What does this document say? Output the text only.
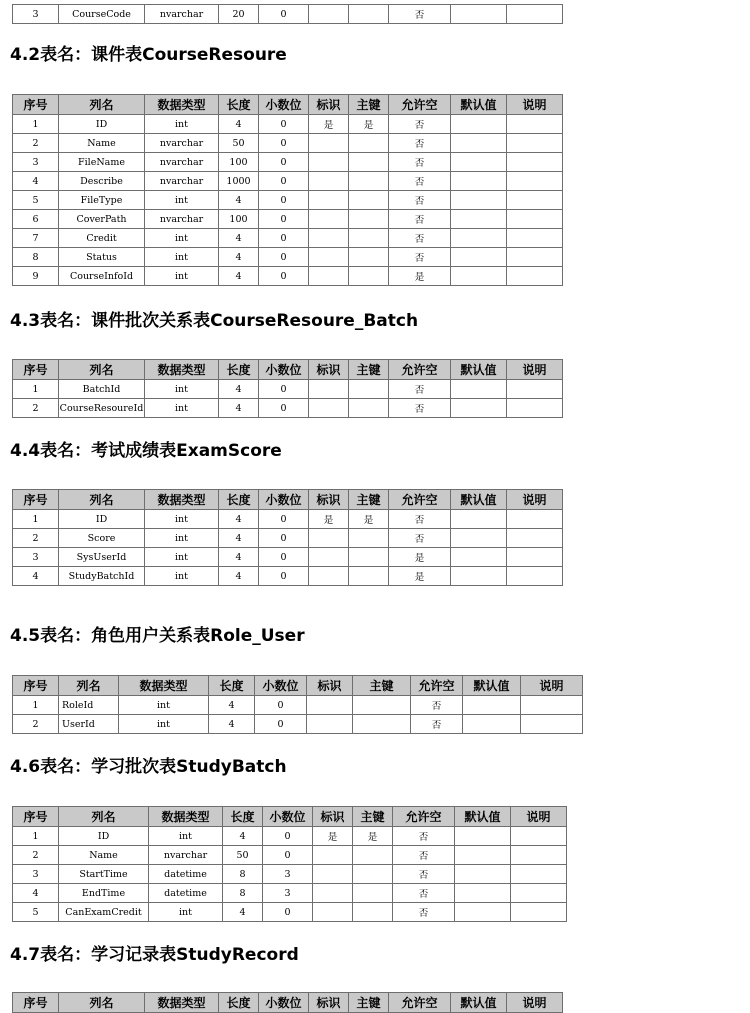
3	CourseCode	nvarchar	20	0			否		
4.2表名：课件表CourseResoure
序号	列名	数据类型	长度	小数位	标识	主键	允许空	默认值	说明
1	ID	int	4	0	是	是	否		
2	Name	nvarchar	50	0			否		
3	FileName	nvarchar	100	0			否		
4	Describe	nvarchar	1000	0			否		
5	FileType	int	4	0			否		
6	CoverPath	nvarchar	100	0			否		
7	Credit	int	4	0			否		
8	Status	int	4	0			否		
9	CourseInfoId	int	4	0			是		
4.3表名：课件批次关系表CourseResoure_Batch
序号	列名	数据类型	长度	小数位	标识	主键	允许空	默认值	说明
1	BatchId	int	4	0			否		
2	CourseResoureId	int	4	0			否		
4.4表名：考试成绩表ExamScore
序号	列名	数据类型	长度	小数位	标识	主键	允许空	默认值	说明
1	ID	int	4	0	是	是	否		
2	Score	int	4	0			否		
3	SysUserId	int	4	0			是		
4	StudyBatchId	int	4	0			是		
4.5表名：角色用户关系表Role_User
序号	列名	数据类型	长度	小数位	标识	主键	允许空	默认值	说明
1	RoleId	int	4	0			否		
2	UserId	int	4	0			否		
4.6表名：学习批次表StudyBatch
序号	列名	数据类型	长度	小数位	标识	主键	允许空	默认值	说明
1	ID	int	4	0	是	是	否		
2	Name	nvarchar	50	0			否		
3	StartTime	datetime	8	3			否		
4	EndTime	datetime	8	3			否		
5	CanExamCredit	int	4	0			否		
4.7表名：学习记录表StudyRecord
序号	列名	数据类型	长度	小数位	标识	主键	允许空	默认值	说明
